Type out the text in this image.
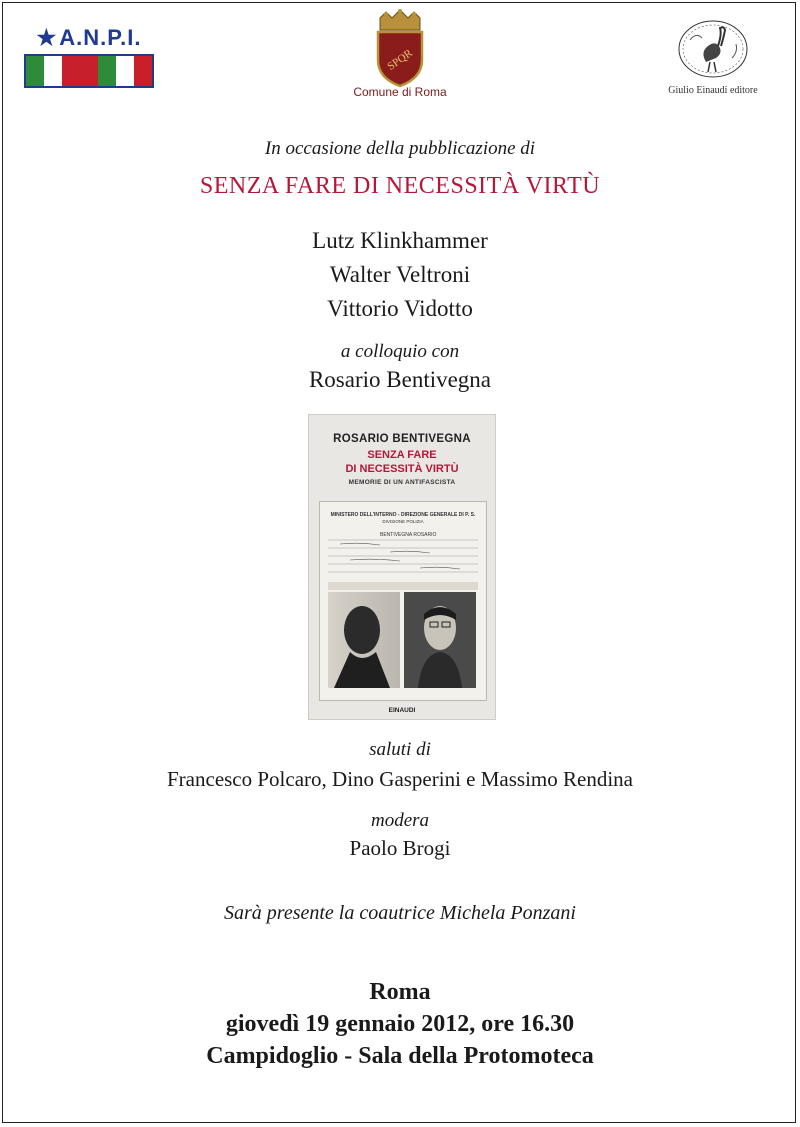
★A.N.P.I.
SPQR
Comune di Roma	Giulio Einaudi editore
In occasione della pubblicazione di
SENZA FARE DI NECESSITÀ VIRTÙ
Lutz Klinkhammer
Walter Veltroni
Vittorio Vidotto
a colloquio con
Rosario Bentivegna
ROSARIO BENTIVEGNA
SENZA FARE
DI NECESSITÀ VIRTÙ
MEMORIE DI UN ANTIFASCISTA
MINISTERO DELL'INTERNO - DIREZIONE GENERALE DI P. S.
DIVISIONE POLIZIA
BENTIVEGNA ROSARIO
EINAUDI
saluti di
Francesco Polcaro, Dino Gasperini e Massimo Rendina
modera
Paolo Brogi
Sarà presente la coautrice Michela Ponzani
Roma
giovedì 19 gennaio 2012, ore 16.30
Campidoglio - Sala della Protomoteca
